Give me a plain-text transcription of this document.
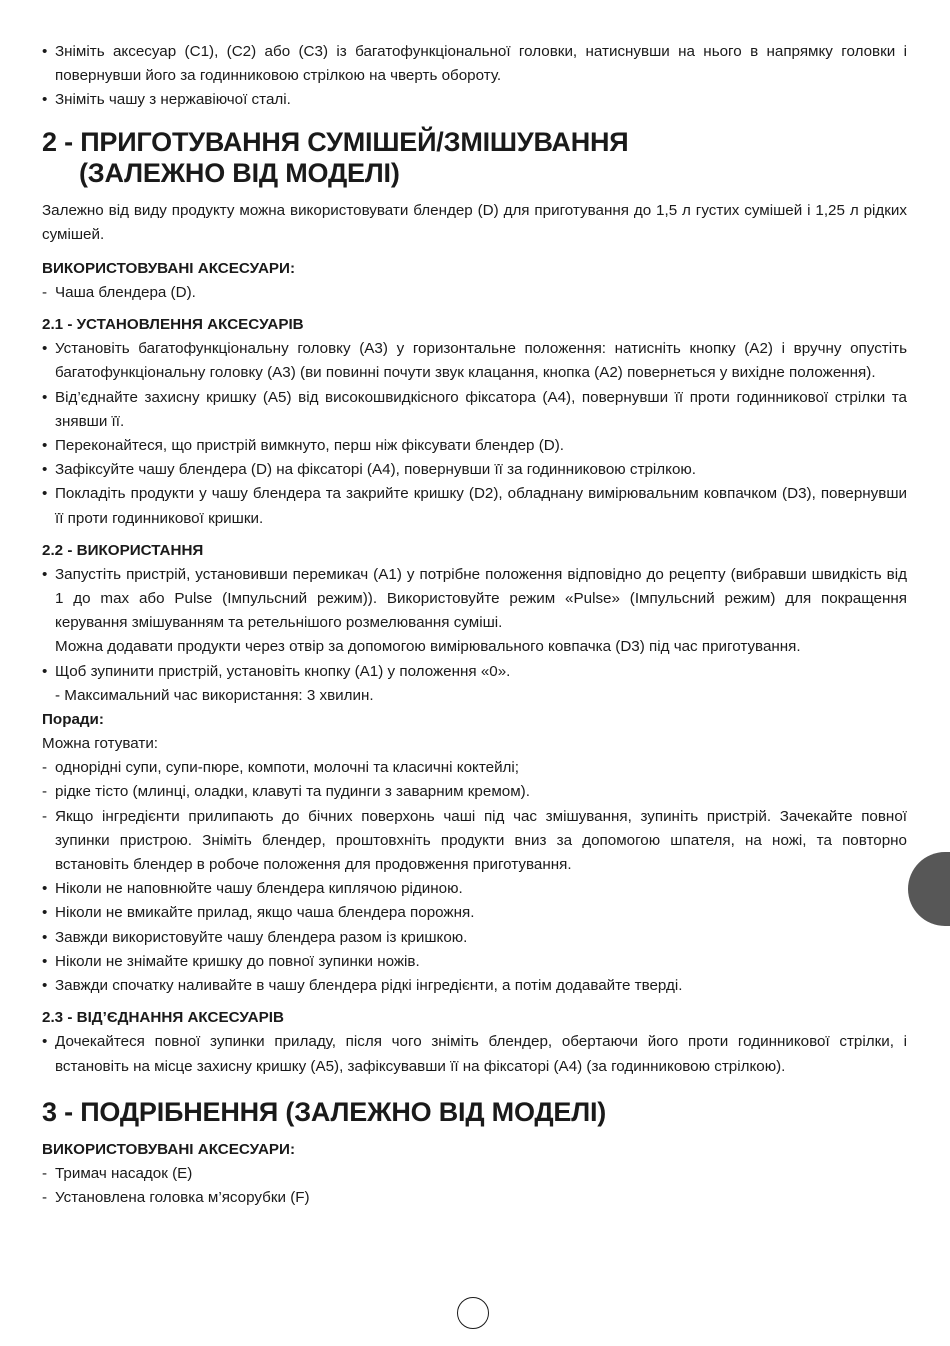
• Зніміть аксесуар (C1), (C2) або (C3) із багатофункціональної головки, натиснувши на нього в напрямку головки і повернувши його за годинниковою стрілкою на чверть обороту.

• Зніміть чашу з нержавіючої сталі.

2 - ПРИГОТУВАННЯ СУМІШЕЙ/ЗМІШУВАННЯ
(ЗАЛЕЖНО ВІД МОДЕЛІ)

Залежно від виду продукту можна використовувати блендер (D) для приготування до 1,5 л густих сумішей і 1,25 л рідких сумішей.

ВИКОРИСТОВУВАНІ АКСЕСУАРИ:

- Чаша блендера (D).

2.1 - УСТАНОВЛЕННЯ АКСЕСУАРІВ

• Установіть багатофункціональну головку (A3) у горизонтальне положення: натисніть кнопку (A2) і вручну опустіть багатофункціональну головку (A3) (ви повинні почути звук клацання, кнопка (A2) повернеться у вихідне положення).

• Від’єднайте захисну кришку (A5) від високошвидкісного фіксатора (A4), повернувши її проти годинникової стрілки та знявши її.

• Переконайтеся, що пристрій вимкнуто, перш ніж фіксувати блендер (D).

• Зафіксуйте чашу блендера (D) на фіксаторі (A4), повернувши її за годинниковою стрілкою.

• Покладіть продукти у чашу блендера та закрийте кришку (D2), обладнану вимірювальним ковпачком (D3), повернувши її проти годинникової кришки.

2.2 - ВИКОРИСТАННЯ

• Запустіть пристрій, установивши перемикач (A1) у потрібне положення відповідно до рецепту (вибравши швидкість від 1 до max або Pulse (Імпульсний режим)). Використовуйте режим «Pulse» (Імпульсний режим) для покращення керування змішуванням та ретельнішого розмелювання суміші.

Можна додавати продукти через отвір за допомогою вимірювального ковпачка (D3) під час приготування.

• Щоб зупинити пристрій, установіть кнопку (A1) у положення «0».

- Максимальний час використання: 3 хвилин.

Поради:

Можна готувати:

- однорідні супи, супи-пюре, компоти, молочні та класичні коктейлі;

- рідке тісто (млинці, оладки, клавуті та пудинги з заварним кремом).

- Якщо інгредієнти прилипають до бічних поверхонь чаші під час змішування, зупиніть пристрій. Зачекайте повної зупинки пристрою. Зніміть блендер, проштовхніть продукти вниз за допомогою шпателя, на ножі, та повторно встановіть блендер в робоче положення для продовження приготування.

• Ніколи не наповнюйте чашу блендера киплячою рідиною.

• Ніколи не вмикайте прилад, якщо чаша блендера порожня.

• Завжди використовуйте чашу блендера разом із кришкою.

• Ніколи не знімайте кришку до повної зупинки ножів.

• Завжди спочатку наливайте в чашу блендера рідкі інгредієнти, а потім додавайте тверді.

2.3 - ВІД’ЄДНАННЯ АКСЕСУАРІВ

• Дочекайтеся повної зупинки приладу, після чого зніміть блендер, обертаючи його проти годинникової стрілки, і встановіть на місце захисну кришку (A5), зафіксувавши її на фіксаторі (A4) (за годинниковою стрілкою).

3 - ПОДРІБНЕННЯ (ЗАЛЕЖНО ВІД МОДЕЛІ)

ВИКОРИСТОВУВАНІ АКСЕСУАРИ:

- Тримач насадок (E)

- Установлена головка м’ясорубки (F)
